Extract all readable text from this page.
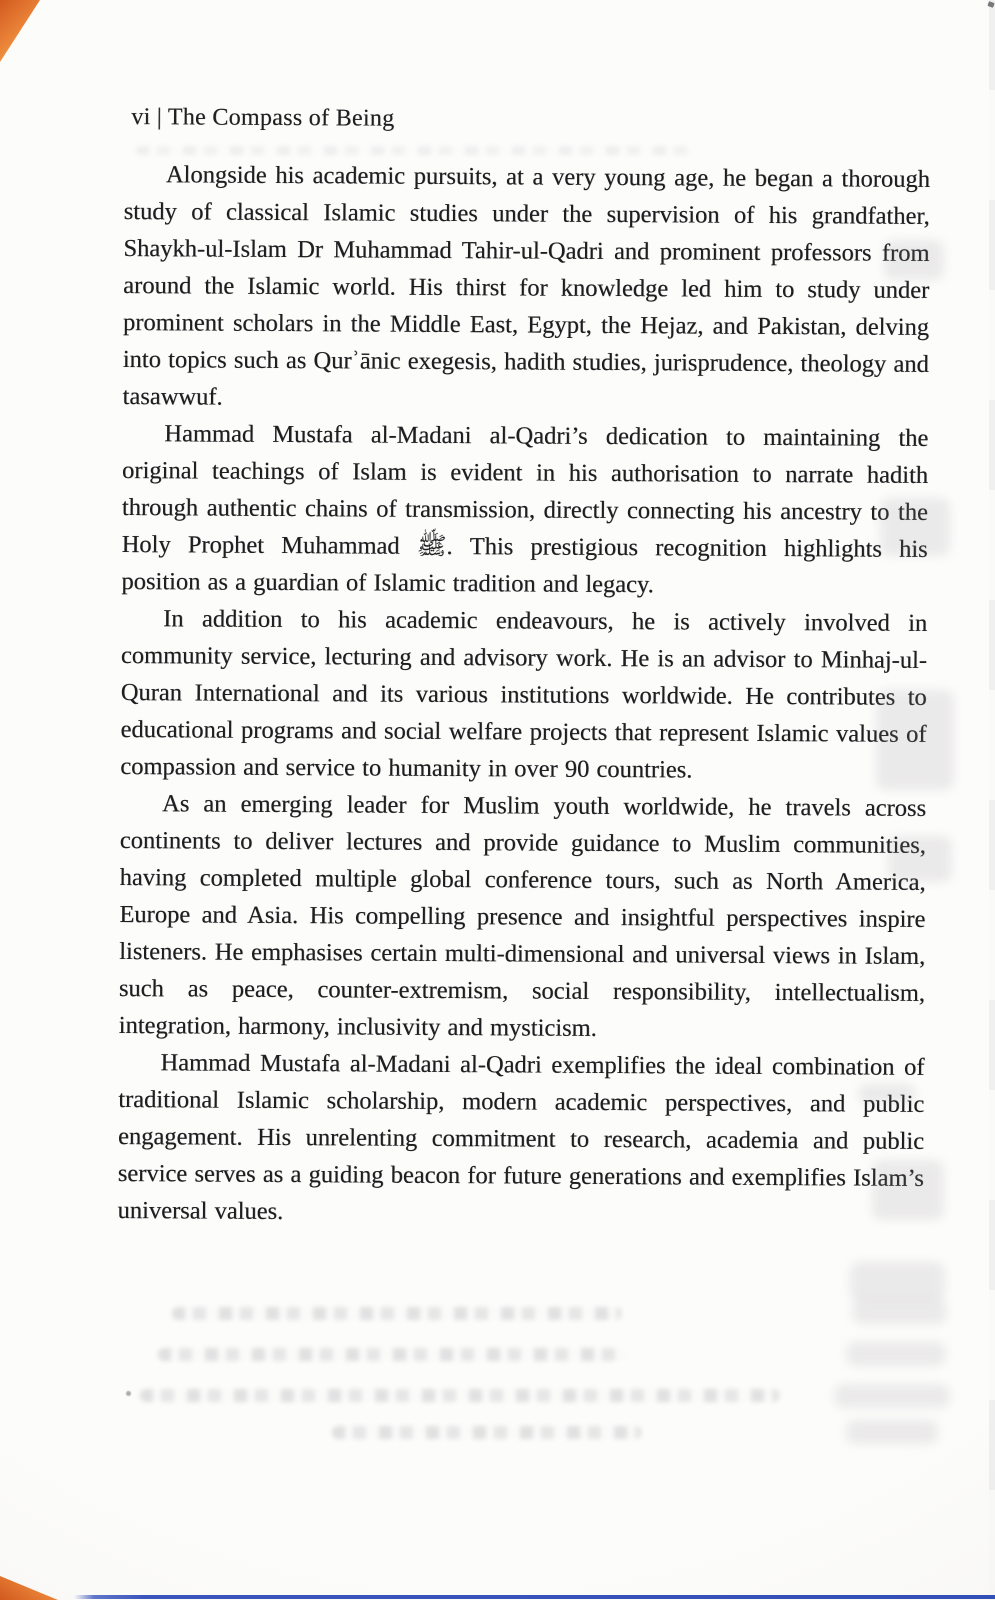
vi | The Compass of Being

Alongside his academic pursuits, at a very young age, he began a thorough study of classical Islamic studies under the supervision of his grandfather, Shaykh-ul-Islam Dr Muhammad Tahir-ul-Qadri and prominent professors from around the Islamic world. His thirst for knowledge led him to study under prominent scholars in the Middle East, Egypt, the Hejaz, and Pakistan, delving into topics such as Qurʾānic exegesis, hadith studies, jurisprudence, theology and tasawwuf.

Hammad Mustafa al-Madani al-Qadri’s dedication to maintaining the original teachings of Islam is evident in his authorisation to narrate hadith through authentic chains of transmission, directly connecting his ancestry to the Holy Prophet Muhammad ﷺ. This prestigious recognition highlights his position as a guardian of Islamic tradition and legacy.

In addition to his academic endeavours, he is actively involved in community service, lecturing and advisory work. He is an advisor to Minhaj-ul-Quran International and its various institutions worldwide. He contributes to educational programs and social welfare projects that represent Islamic values of compassion and service to humanity in over 90 countries.

As an emerging leader for Muslim youth worldwide, he travels across continents to deliver lectures and provide guidance to Muslim communities, having completed multiple global conference tours, such as North America, Europe and Asia. His compelling presence and insightful perspectives inspire listeners. He emphasises certain multi-dimensional and universal views in Islam, such as peace, counter-extremism, social responsibility, intellectualism, integration, harmony, inclusivity and mysticism.

Hammad Mustafa al-Madani al-Qadri exemplifies the ideal combination of traditional Islamic scholarship, modern academic perspectives, and public engagement. His unrelenting commitment to research, academia and public service serves as a guiding beacon for future generations and exemplifies Islam’s universal values.
